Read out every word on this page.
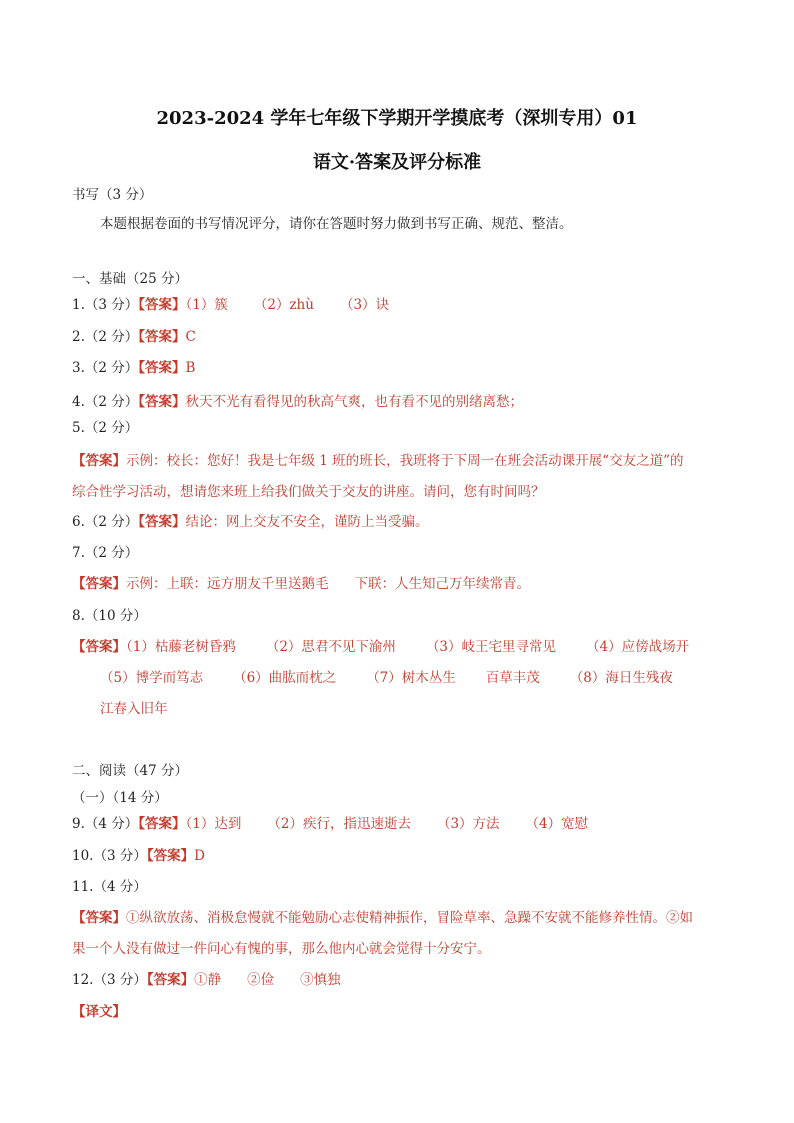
2023-2024 学年七年级下学期开学摸底考（深圳专用）01
语文·答案及评分标准
书写（3 分）
本题根据卷面的书写情况评分，请你在答题时努力做到书写正确、规范、整洁。
一、基础（25 分）
1.（3 分）【答案】（1）簇 （2）zhù （3）诀
2.（2 分）【答案】C
3.（2 分）【答案】B
4.（2 分）【答案】秋天不光有看得见的秋高气爽，也有看不见的别绪离愁；
5.（2 分）
【答案】示例：校长：您好！我是七年级 1 班的班长，我班将于下周一在班会活动课开展“交友之道”的
综合性学习活动，想请您来班上给我们做关于交友的讲座。请问，您有时间吗？
6.（2 分）【答案】结论：网上交友不安全，谨防上当受骗。
7.（2 分）
【答案】示例：上联：远方朋友千里送鹅毛 下联：人生知己万年续常青。
8.（10 分）
【答案】（1）枯藤老树昏鸦 （2）思君不见下渝州 （3）岐王宅里寻常见 （4）应傍战场开
（5）博学而笃志 （6）曲肱而枕之 （7）树木丛生 百草丰茂 （8）海日生残夜
江春入旧年
二、阅读（47 分）
（一）（14 分）
9.（4 分）【答案】（1）达到 （2）疾行，指迅速逝去 （3）方法 （4）宽慰
10.（3 分）【答案】D
11.（4 分）
【答案】①纵欲放荡、消极怠慢就不能勉励心志使精神振作，冒险草率、急躁不安就不能修养性情。②如
果一个人没有做过一件问心有愧的事，那么他内心就会觉得十分安宁。
12.（3 分）【答案】①静 ②俭 ③慎独
【译文】
